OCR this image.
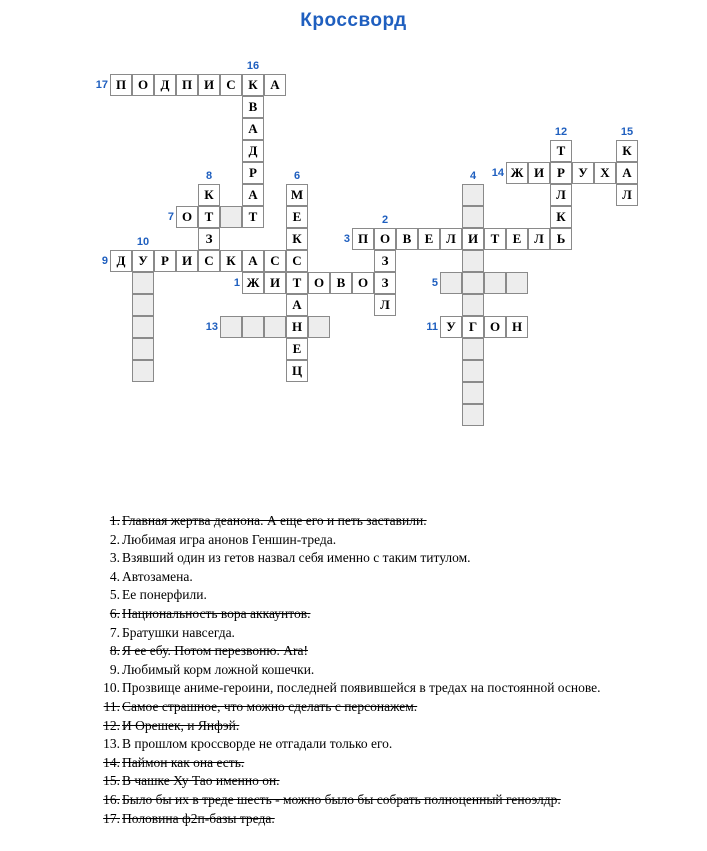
Кроссворд
П О Д П И С К А
В
А
Д
Р
А
Т
Т
Р
Л
К
Ь
К
А
Л
Ж И	У Х
К
Т
З
М
Е
К
С
Т
А
Н
Е
Ц
И
Г
О
О
З
З
Л
П	В	Е Л	Т	Е Л
У
Д	Р И С К А С
Ж И	О В О
У	О Н
17
16
12	15
14
8	6	4
7	2
3
10
9
1	5
13	11
1. Главная жертва деанона. А еще его и петь заставили.
2. Любимая игра анонов Геншин-треда.
3. Взявший один из гетов назвал себя именно с таким титулом.
4. Автозамена.
5. Ее понерфили.
6. Национальность вора аккаунтов.
7. Братушки навсегда.
8. Я ее ебу. Потом перезвоню. Ara!
9. Любимый корм ложной кошечки.
10. Прозвище аниме-героини, последней появившейся в тредах на постоянной основе.
11. Самое страшное, что можно сделать с персонажем.
12. И Орешек, и Янфэй.
13. В прошлом кроссворде не отгадали только его.
14. Паймон как она есть.
15. В чашке Ху Тао именно он.
16. Было бы их в треде шесть - можно было бы собрать полноценный геноэлдр.
17. Половина ф2п-базы треда.
